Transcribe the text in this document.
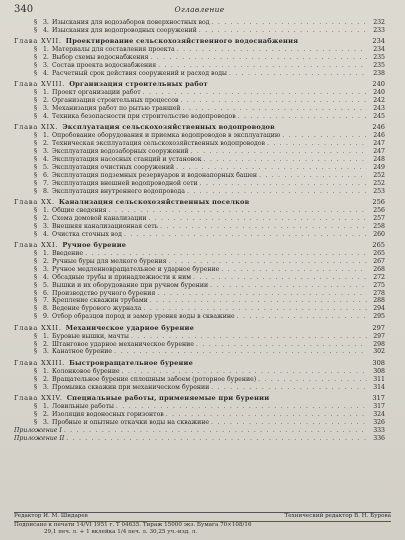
340	Оглавление
§ 3. Изыскания для водозаборов поверхностных вод . . .	232
§ 4. Изыскания для водопроводных сооружений . . .	233
Глава XVII. Проектирование сельскохозяйственного водоснабжения	234
§ 1. Материалы для составления проекта . . .	234
§ 2. Выбор схемы водоснабжения . . .	235
§ 3. Состав проекта водоснабжения . . .	235
§ 4. Расчетный срок действия сооружений и расход воды . . .	238
Глава XVIII. Организация строительных работ	240
§ 1. Проект организации работ . . .	240
§ 2. Организация строительных процессов . . .	242
§ 3. Механизация работ по рытью траншей . . .	243
§ 4. Техника безопасности при строительстве водопроводов . . .	245
Глава XIX. Эксплуатация сельскохозяйственных водопроводов	246
§ 1. Опробование оборудования и приемка водопроводов в эксплуатацию . . .	246
§ 2. Техническая эксплуатация сельскохозяйственных водопроводов . . .	247
§ 3. Эксплуатация водозаборных сооружений . . .	247
§ 4. Эксплуатация насосных станций и установок . . .	248
§ 5. Эксплуатация очистных сооружений . . .	249
§ 6. Эксплуатация подземных резервуаров и водонапорных башен . . .	252
§ 7. Эксплуатация внешней водопроводной сети . . .	252
§ 8. Эксплуатация внутреннего водопровода . . .	253
Глава XX. Канализация сельскохозяйственных поселков	256
§ 1. Общие сведения . . .	256
§ 2. Схема домовой канализации . . .	257
§ 3. Внешняя канализационная сеть . . .	258
§ 4. Очистка сточных вод . . .	260
Глава XXI. Ручное бурение	265
§ 1. Введение . . .	265
§ 2. Ручные буры для мелкого бурения . . .	267
§ 3. Ручное медленновращательное и ударное бурение . . .	268
§ 4. Обсадные трубы и принадлежности к ним . . .	272
§ 5. Вышки и их оборудование при ручном бурении . . .	275
§ 6. Производство ручного бурения . . .	278
§ 7. Крепление скважин трубами . . .	288
§ 8. Ведение бурового журнала . . .	294
§ 9. Отбор образцов пород и замер уровня воды в скважине . . .	295
Глава XXII. Механическое ударное бурение	297
§ 1. Буровые вышки, мачты . . .	297
§ 2. Штанговое ударное механическое бурение . . .	298
§ 3. Канатное бурение . . .	302
Глава XXIII. Быстровращательное бурение	308
§ 1. Колонковое бурение . . .	308
§ 2. Вращательное бурение сплошным забоем (роторное бурение) . . .	311
§ 3. Промывка скважин при механическом бурении . . .	314
Глава XXIV. Специальные работы, применяемые при бурении	317
§ 1. Ловильные работы . . .	317
§ 2. Изоляция водоносных горизонтов . . .	324
§ 3. Пробные и опытные откачки воды на скважине . . .	326
Приложение I . . .	333
Приложение II . . .	336
Редактор И. М. Шидарев	Технический редактор В. Н. Бурова
Подписано к печати 14/VI 1951 г. Т 04635. Тираж 15000 экз. Бумага 70×108/16
29,1 печ. л. + 1 вклейка 1/4 печ. л. 30,25 уч.-изд. л.
